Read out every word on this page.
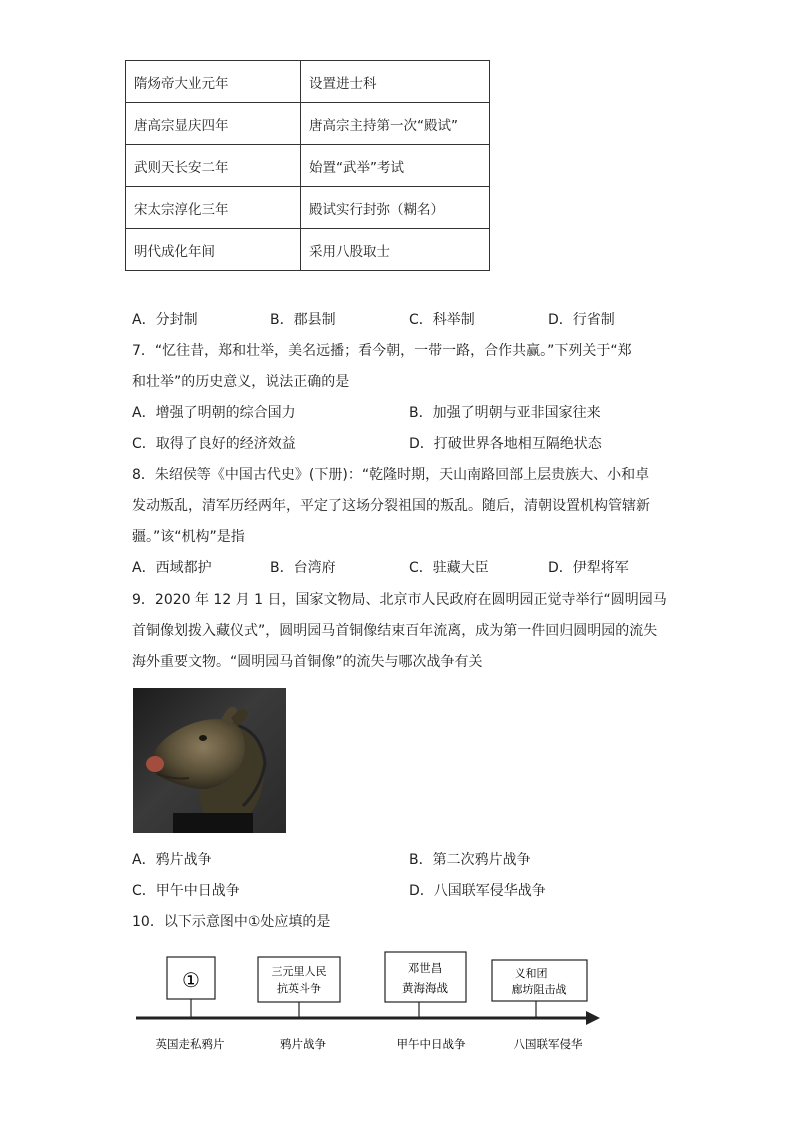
隋炀帝大业元年	设置进士科
唐高宗显庆四年	唐高宗主持第一次“殿试”
武则天长安二年	始置“武举”考试
宋太宗淳化三年	殿试实行封弥（糊名）
明代成化年间	采用八股取士
A．分封制	B．郡县制	C．科举制	D．行省制
7．“忆往昔，郑和壮举，美名远播；看今朝，一带一路，合作共赢。”下列关于“郑
和壮举”的历史意义，说法正确的是
A．增强了明朝的综合国力	B．加强了明朝与亚非国家往来
C．取得了良好的经济效益	D．打破世界各地相互隔绝状态
8．朱绍侯等《中国古代史》(下册)：“乾隆时期，天山南路回部上层贵族大、小和卓
发动叛乱，清军历经两年，平定了这场分裂祖国的叛乱。随后，清朝设置机构管辖新
疆。”该“机构”是指
A．西域都护	B．台湾府	C．驻藏大臣	D．伊犁将军
9．2020 年 12 月 1 日，国家文物局、北京市人民政府在圆明园正觉寺举行“圆明园马
首铜像划拨入藏仪式”，圆明园马首铜像结束百年流离，成为第一件回归圆明园的流失
海外重要文物。“圆明园马首铜像”的流失与哪次战争有关
A．鸦片战争	B．第二次鸦片战争
C．甲午中日战争	D．八国联军侵华战争
10．以下示意图中①处应填的是
①	三元里人民
抗英斗争
邓世昌
黄海海战
义和团
廊坊阻击战
英国走私鸦片	鸦片战争	甲午中日战争	八国联军侵华
